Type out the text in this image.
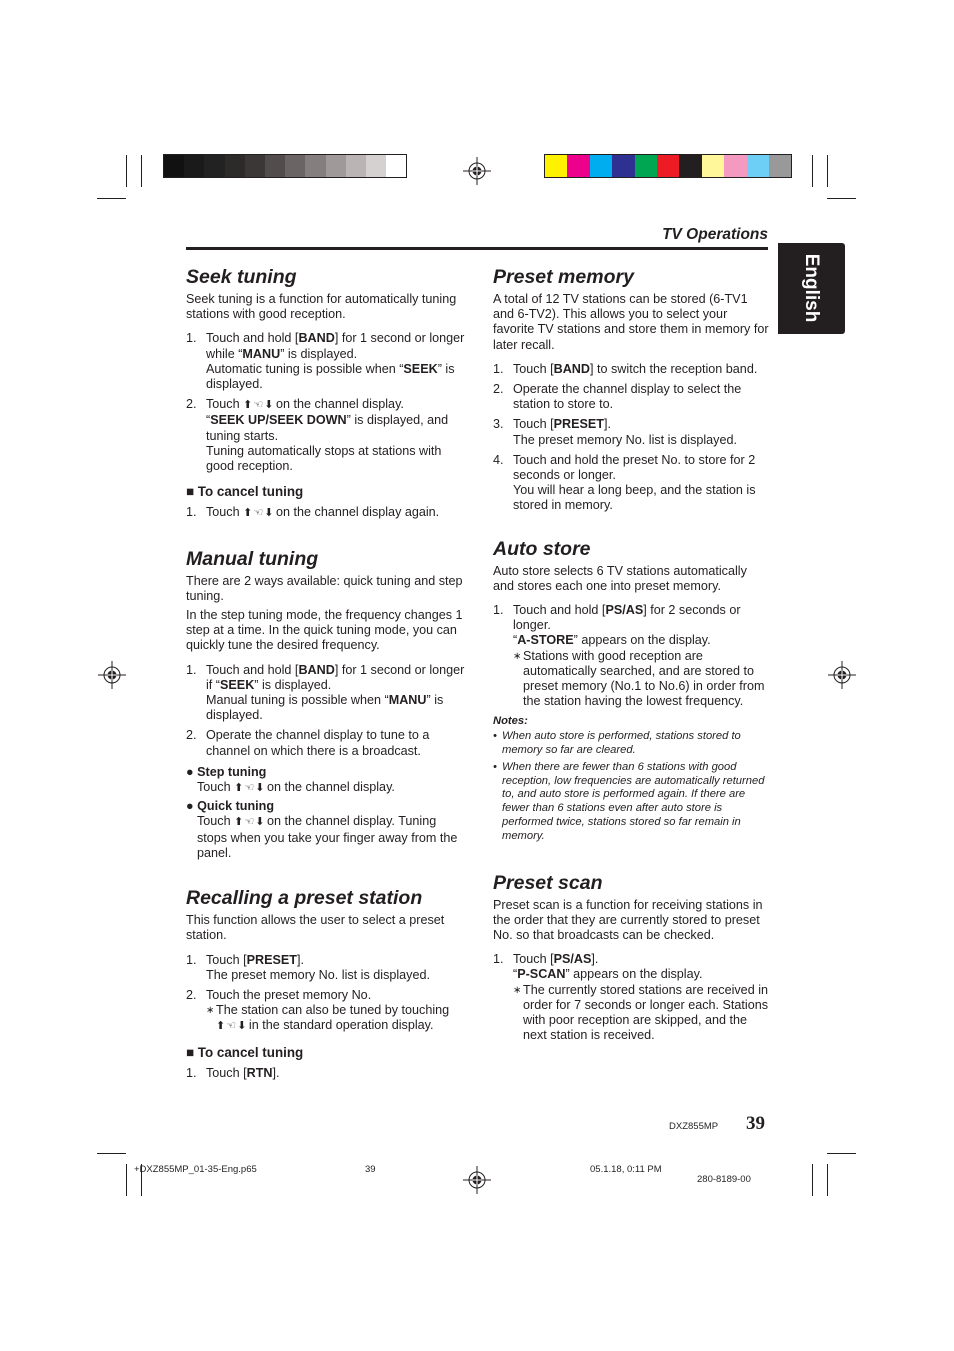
TV Operations
English
Seek tuning

Seek tuning is a function for automatically tuning stations with good reception.

1. Touch and hold [BAND] for 1 second or longer while “MANU” is displayed.
Automatic tuning is possible when “SEEK” is displayed.
2. Touch ⬆ ☜ ⬇ on the channel display.
“SEEK UP/SEEK DOWN” is displayed, and tuning starts.
Tuning automatically stops at stations with good reception.
■ To cancel tuning
1. Touch ⬆ ☜ ⬇ on the channel display again.
Manual tuning

There are 2 ways available: quick tuning and step tuning.

In the step tuning mode, the frequency changes 1 step at a time. In the quick tuning mode, you can quickly tune the desired frequency.

1. Touch and hold [BAND] for 1 second or longer if “SEEK” is displayed.
Manual tuning is possible when “MANU” is displayed.
2. Operate the channel display to tune to a channel on which there is a broadcast.

● Step tuning

Touch ⬆ ☜ ⬇ on the channel display.

● Quick tuning

Touch ⬆ ☜ ⬇ on the channel display. Tuning stops when you take your finger away from the panel.

Recalling a preset station

This function allows the user to select a preset station.

1. Touch [PRESET].
The preset memory No. list is displayed.
2. Touch the preset memory No.
∗ The station can also be tuned by touching ⬆ ☜ ⬇ in the standard operation display.
■ To cancel tuning
1. Touch [RTN].
Preset memory

A total of 12 TV stations can be stored (6-TV1 and 6-TV2). This allows you to select your favorite TV stations and store them in memory for later recall.

1. Touch [BAND] to switch the reception band.
2. Operate the channel display to select the station to store to.
3. Touch [PRESET].
The preset memory No. list is displayed.
4. Touch and hold the preset No. to store for 2 seconds or longer.
You will hear a long beep, and the station is stored in memory.
Auto store

Auto store selects 6 TV stations automatically and stores each one into preset memory.

1. Touch and hold [PS/AS] for 2 seconds or longer.
“A-STORE” appears on the display.
∗ Stations with good reception are automatically searched, and are stored to preset memory (No.1 to No.6) in order from the station having the lowest frequency.
Notes:
• When auto store is performed, stations stored to memory so far are cleared.
• When there are fewer than 6 stations with good reception, low frequencies are automatically returned to, and auto store is performed again. If there are fewer than 6 stations even after auto store is performed twice, stations stored so far remain in memory.
Preset scan

Preset scan is a function for receiving stations in the order that they are currently stored to preset No. so that broadcasts can be checked.

1. Touch [PS/AS].
“P-SCAN” appears on the display.
∗ The currently stored stations are received in order for 7 seconds or longer each. Stations with poor reception are skipped, and the next station is received.
DXZ855MP 39
+DXZ855MP_01-35-Eng.p65	39	05.1.18, 0:11 PM
280-8189-00
